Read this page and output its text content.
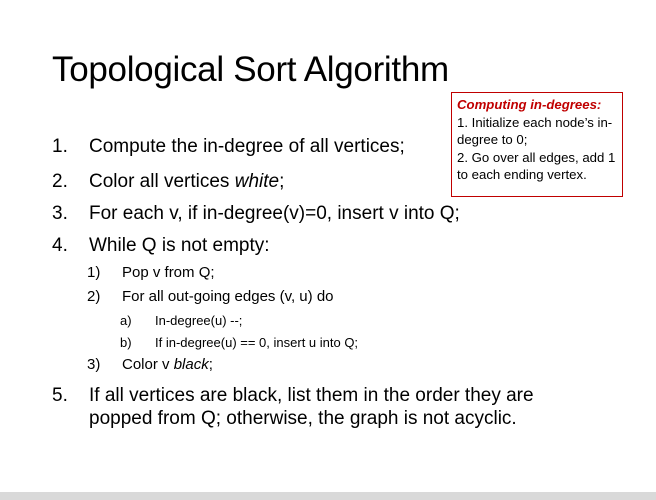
Topological Sort Algorithm
Computing in-degrees:
1. Initialize each node’s in-
degree to 0;
2. Go over all edges, add 1
to each ending vertex.
1. Compute the in-degree of all vertices;
2. Color all vertices white;
3. For each v, if in-degree(v)=0, insert v into Q;
4. While Q is not empty:
1) Pop v from Q;
2) For all out-going edges (v, u) do
a) In-degree(u) --;
b) If in-degree(u) == 0, insert u into Q;
3) Color v black;
5. If all vertices are black, list them in the order they are
popped from Q; otherwise, the graph is not acyclic.
